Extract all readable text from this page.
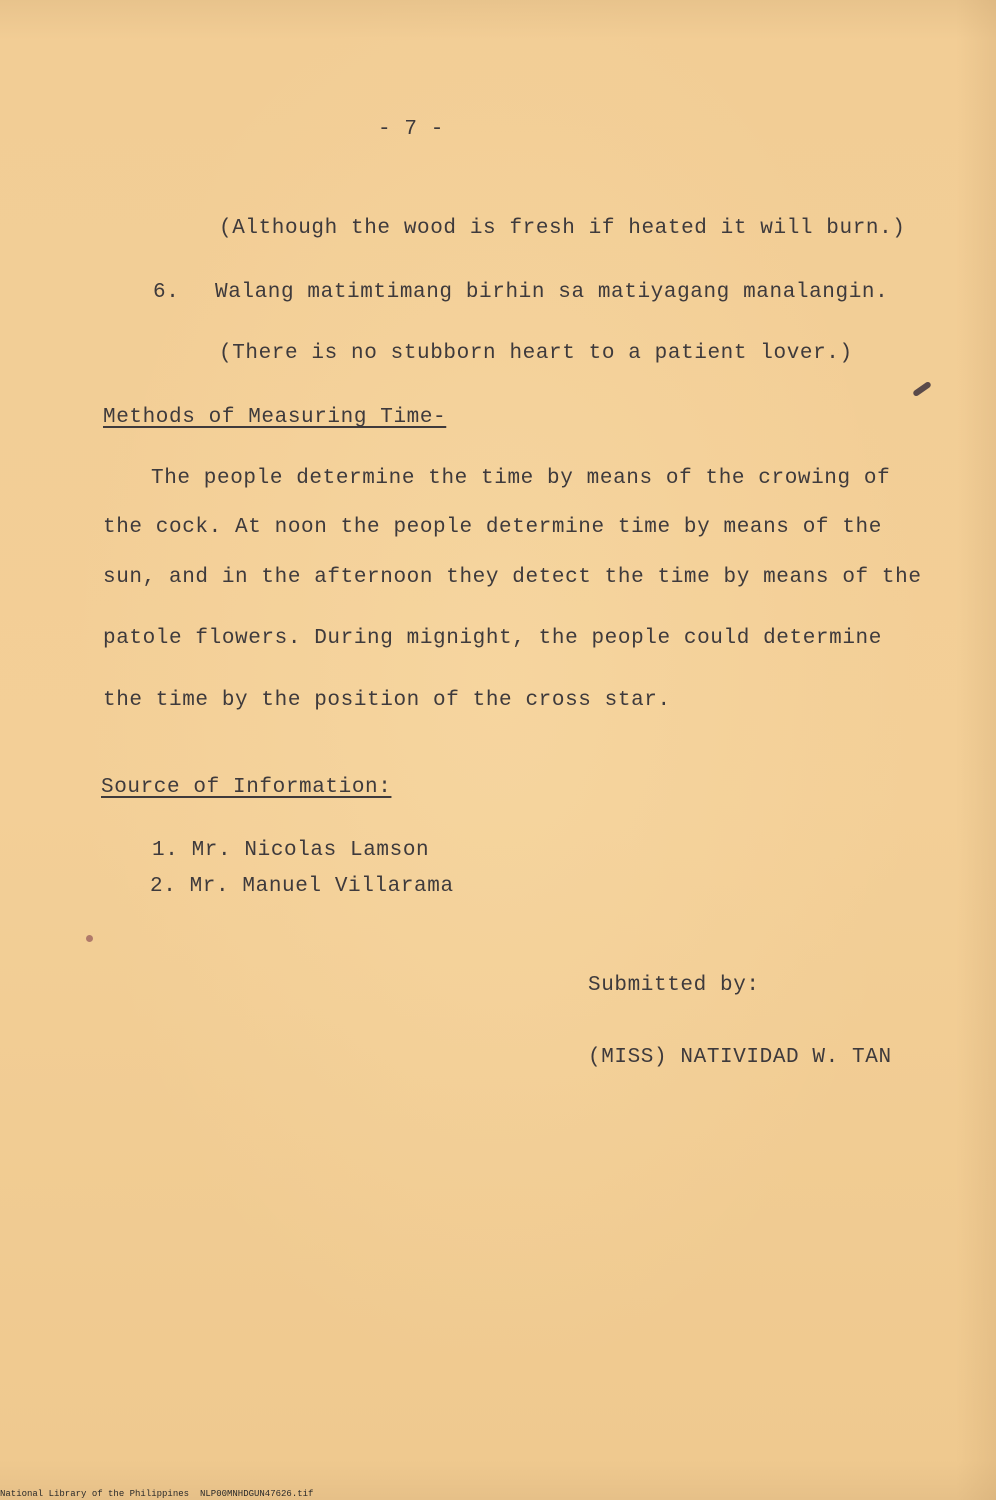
- 7 -
(Although the wood is fresh if heated it will burn.)
6. Walang matimtimang birhin sa matiyagang manalangin.
(There is no stubborn heart to a patient lover.)
Methods of Measuring Time-
The people determine the time by means of the crowing of
the cock. At noon the people determine time by means of the
sun, and in the afternoon they detect the time by means of the
patole flowers. During mignight, the people could determine
the time by the position of the cross star.
Source of Information:
1. Mr. Nicolas Lamson
2. Mr. Manuel Villarama
Submitted by:
(MISS) NATIVIDAD W. TAN
National Library of the Philippines NLP00MNHDGUN47626.tif
